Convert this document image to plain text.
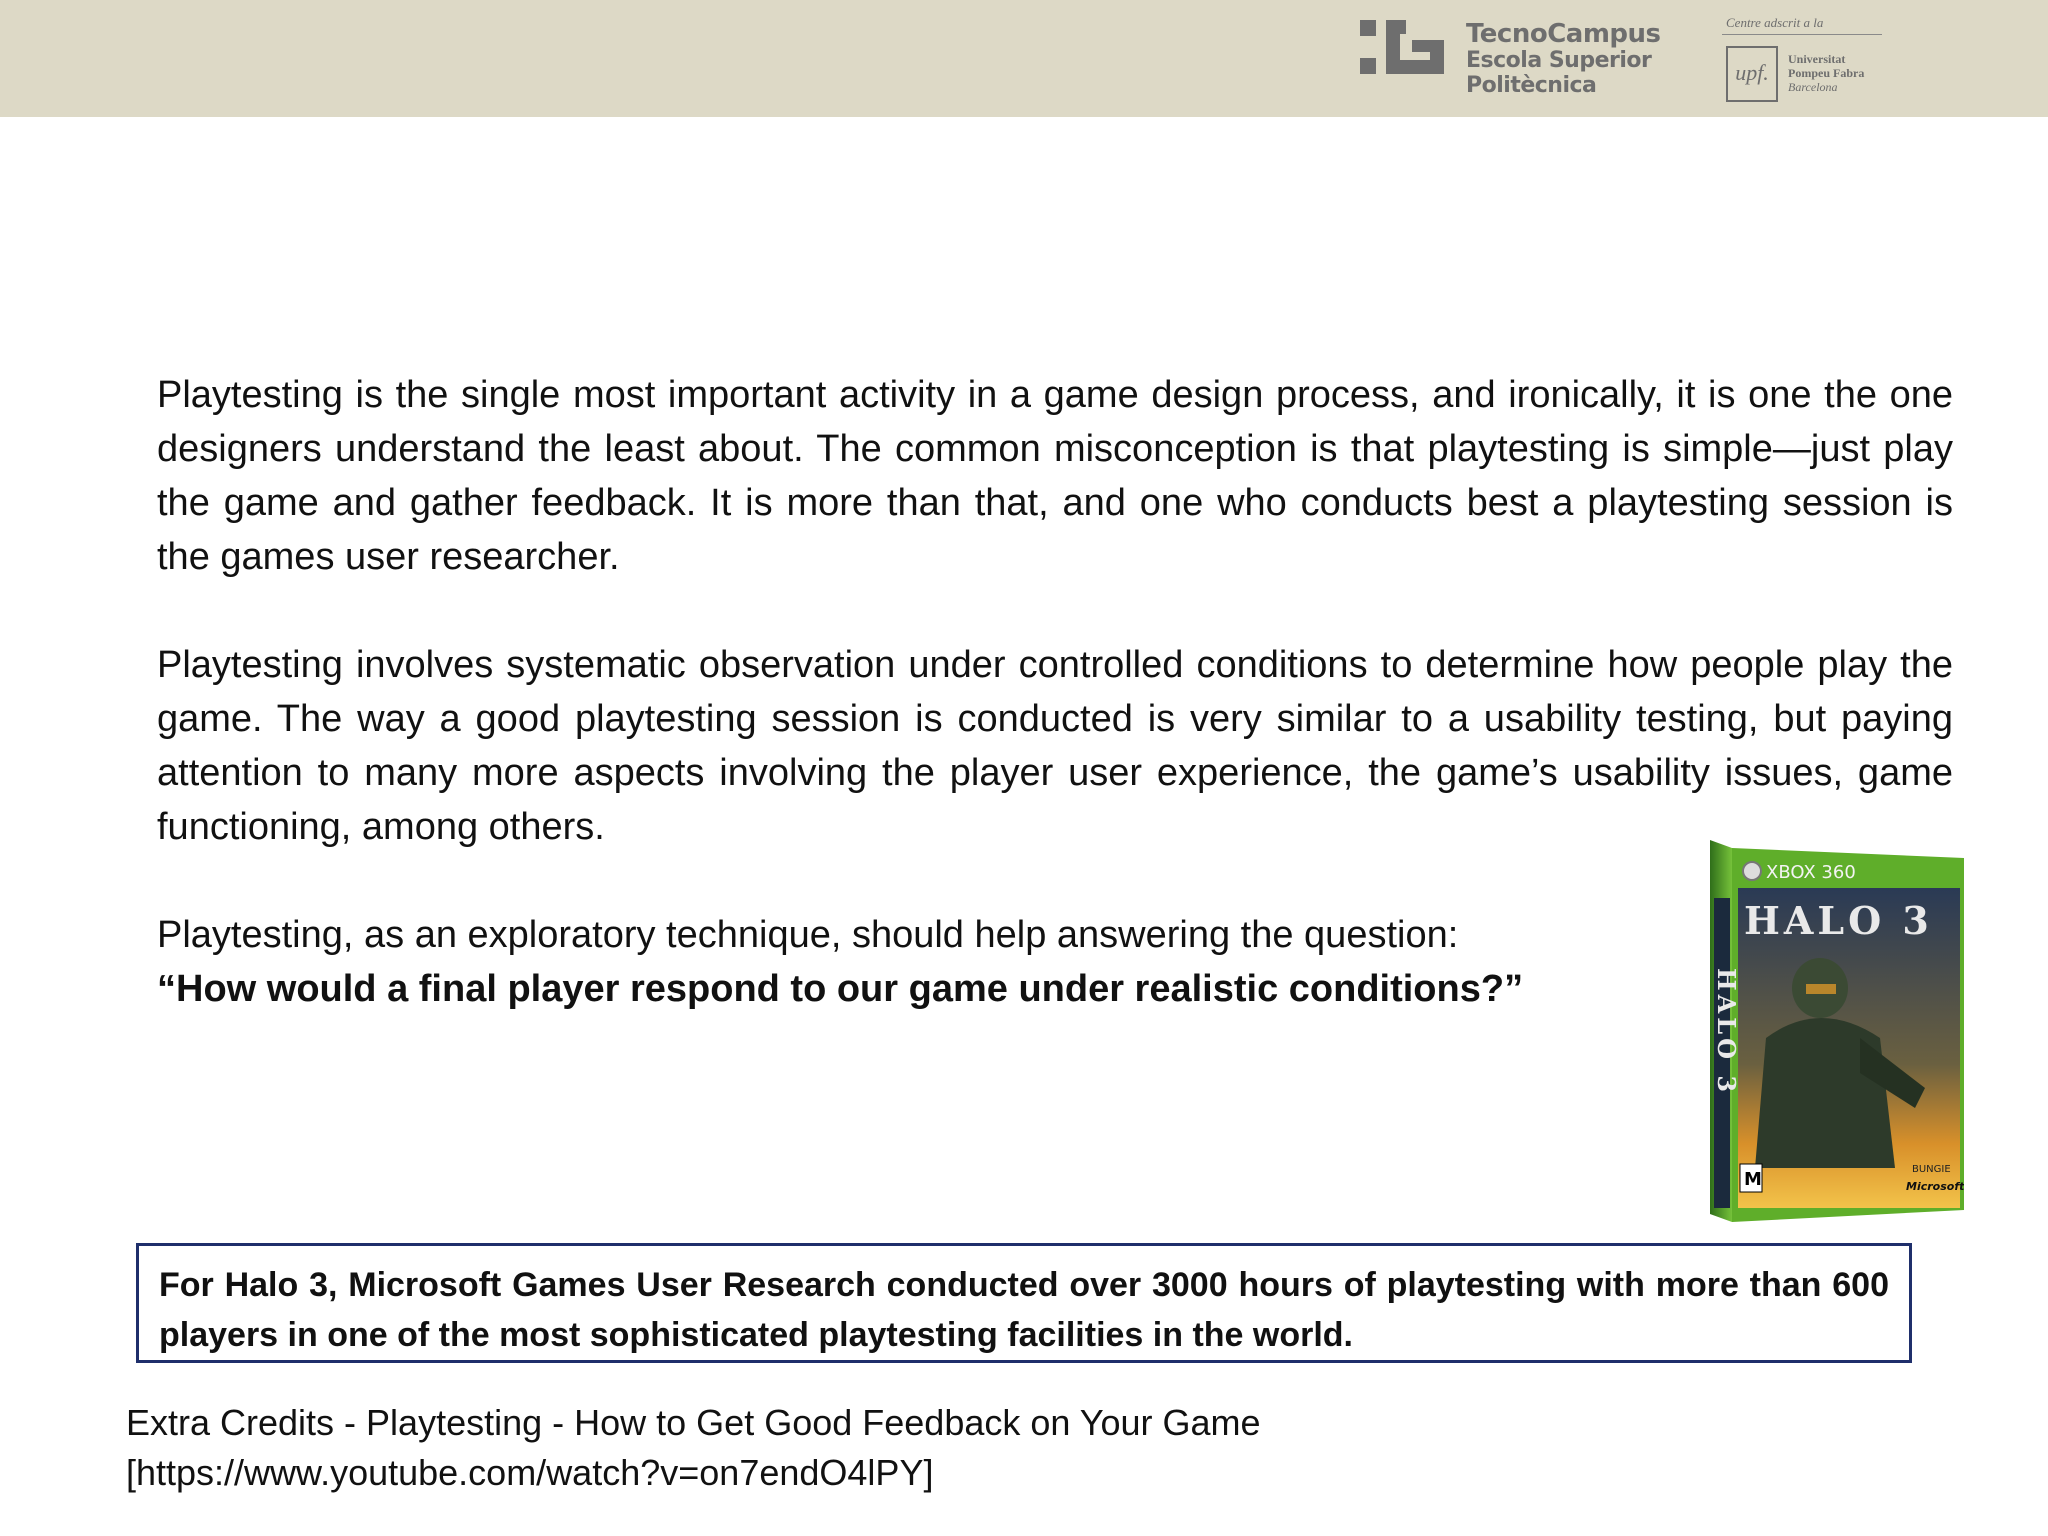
TecnoCampus
Escola Superior
Politècnica
Centre adscrit a la
upf.
Universitat
Pompeu Fabra
Barcelona

Playtesting is the single most important activity in a game design process, and ironically, it is one the one designers understand the least about. The common misconception is that playtesting is simple—just play the game and gather feedback. It is more than that, and one who conducts best a playtesting session is the games user researcher.

Playtesting involves systematic observation under controlled conditions to determine how people play the game. The way a good playtesting session is conducted is very similar to a usability testing, but paying attention to many more aspects involving the player user experience, the game’s usability issues, game functioning, among others.

Playtesting, as an exploratory technique, should help answering the question:
“How would a final player respond to our game under realistic conditions?”

XBOX 360
HALO 3
HALO 3
M	BUNGIE
Microsoft
For Halo 3, Microsoft Games User Research conducted over 3000 hours of playtesting with more than 600 players in one of the most sophisticated playtesting facilities in the world.
Extra Credits - Playtesting - How to Get Good Feedback on Your Game
[https://www.youtube.com/watch?v=on7endO4lPY]
